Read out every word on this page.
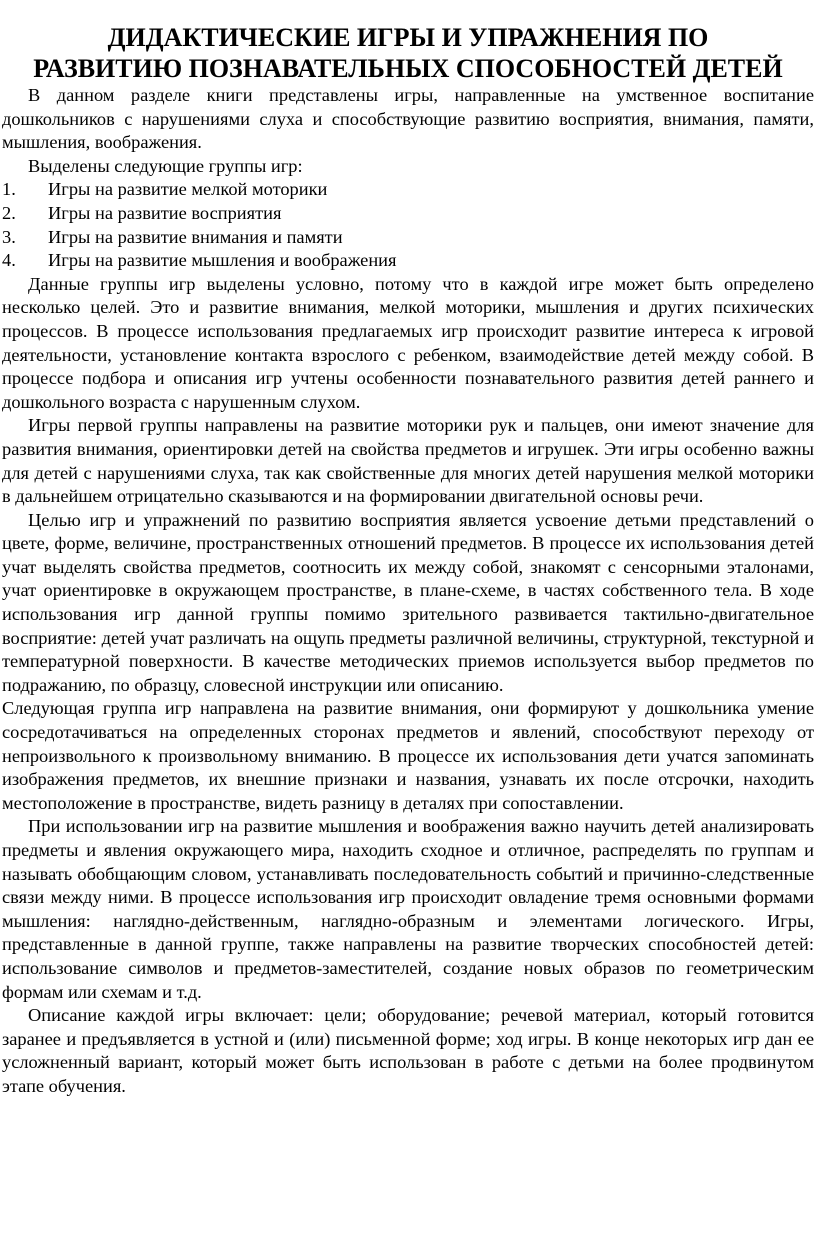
ДИДАКТИЧЕСКИЕ ИГРЫ И УПРАЖНЕНИЯ ПО
РАЗВИТИЮ ПОЗНАВАТЕЛЬНЫХ СПОСОБНОСТЕЙ ДЕТЕЙ

В данном разделе книги представлены игры, направленные на умственное воспитание дошкольников с нарушениями слуха и способствующие развитию восприятия, внимания, памяти, мышления, воображения.

Выделены следующие группы игр:

1.	Игры на развитие мелкой моторики
2.	Игры на развитие восприятия
3.	Игры на развитие внимания и памяти
4.	Игры на развитие мышления и воображения

Данные группы игр выделены условно, потому что в каждой игре может быть определено несколько целей. Это и развитие внимания, мелкой моторики, мышления и других психических процессов. В процессе использования предлагаемых игр происходит развитие интереса к игровой деятельности, установление контакта взрослого с ребенком, взаимодействие детей между собой. В процессе подбора и описания игр учтены особенности познавательного развития детей раннего и дошкольного возраста с нарушенным слухом.

Игры первой группы направлены на развитие моторики рук и пальцев, они имеют значение для развития внимания, ориентировки детей на свойства предметов и игрушек. Эти игры особенно важны для детей с нарушениями слуха, так как свойственные для многих детей нарушения мелкой моторики в дальнейшем отрицательно сказываются и на формировании двигательной основы речи.

Целью игр и упражнений по развитию восприятия является усвоение детьми представлений о цвете, форме, величине, пространственных отношений предметов. В процессе их использования детей учат выделять свойства предметов, соотносить их между собой, знакомят с сенсорными эталонами, учат ориентировке в окружающем пространстве, в плане-схеме, в частях собственного тела. В ходе использования игр данной группы помимо зрительного развивается тактильно-двигательное восприятие: детей учат различать на ощупь предметы различной величины, структурной, текстурной и температурной поверхности. В качестве методических приемов используется выбор предметов по подражанию, по образцу, словесной инструкции или описанию.

Следующая группа игр направлена на развитие внимания, они формируют у дошкольника умение сосредотачиваться на определенных сторонах предметов и явлений, способствуют переходу от непроизвольного к произвольному вниманию. В процессе их использования дети учатся запоминать изображения предметов, их внешние признаки и названия, узнавать их после отсрочки, находить местоположение в пространстве, видеть разницу в деталях при сопоставлении.

При использовании игр на развитие мышления и воображения важно научить детей анализировать предметы и явления окружающего мира, находить сходное и отличное, распределять по группам и называть обобщающим словом, устанавливать последовательность событий и причинно-следственные связи между ними. В процессе использования игр происходит овладение тремя основными формами мышления: наглядно-действенным, наглядно-образным и элементами логического. Игры, представленные в данной группе, также направлены на развитие творческих способностей детей: использование символов и предметов-заместителей, создание новых образов по геометрическим формам или схемам и т.д.

Описание каждой игры включает: цели; оборудование; речевой материал, который готовится заранее и предъявляется в устной и (или) письменной форме; ход игры. В конце некоторых игр дан ее усложненный вариант, который может быть использован в работе с детьми на более продвинутом этапе обучения.
